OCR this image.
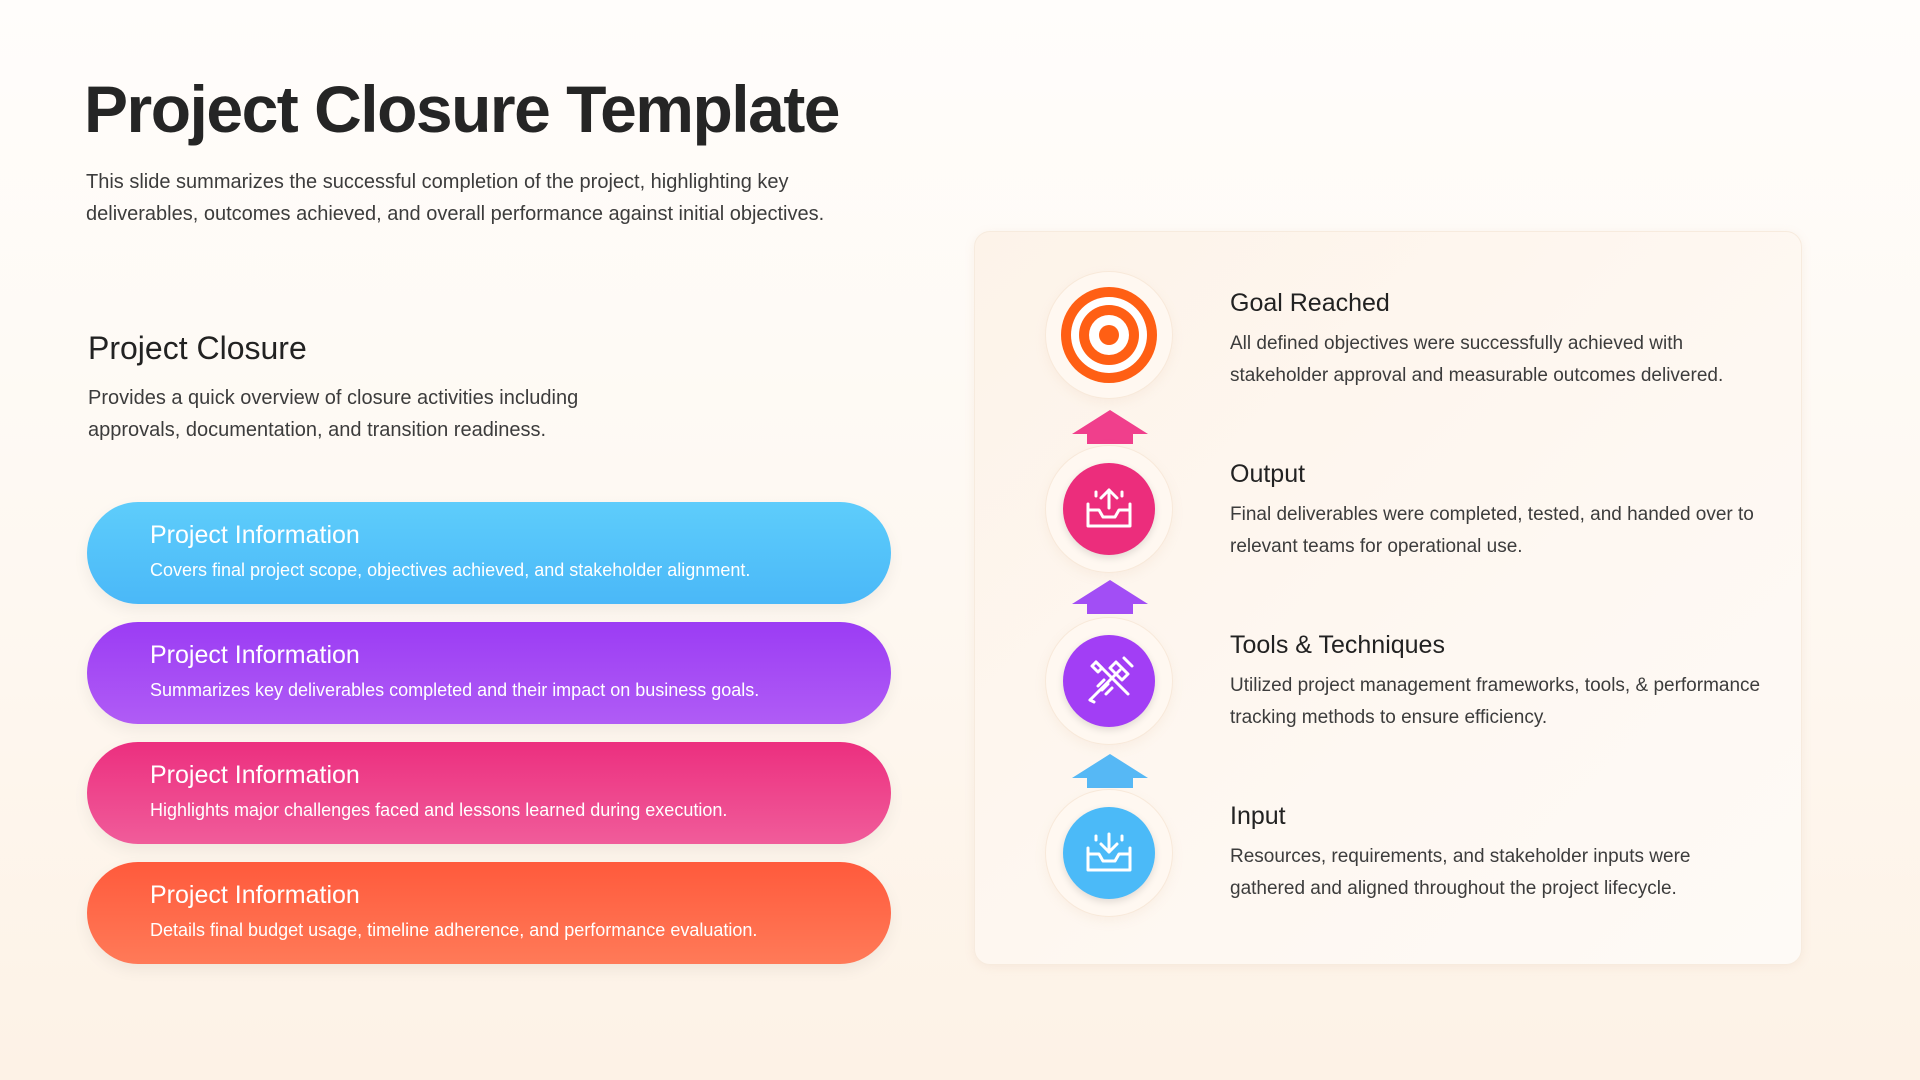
Project Closure Template

This slide summarizes the successful completion of the project, highlighting key deliverables, outcomes achieved, and overall performance against initial objectives.

Project Closure

Provides a quick overview of closure activities including approvals, documentation, and transition readiness.

Project Information
Covers final project scope, objectives achieved, and stakeholder alignment.
Project Information
Summarizes key deliverables completed and their impact on business goals.
Project Information
Highlights major challenges faced and lessons learned during execution.
Project Information
Details final budget usage, timeline adherence, and performance evaluation.
Goal Reached

All defined objectives were successfully achieved with stakeholder approval and measurable outcomes delivered.

Output

Final deliverables were completed, tested, and handed over to relevant teams for operational use.

Tools & Techniques

Utilized project management frameworks, tools, & performance tracking methods to ensure efficiency.

Input

Resources, requirements, and stakeholder inputs were gathered and aligned throughout the project lifecycle.
